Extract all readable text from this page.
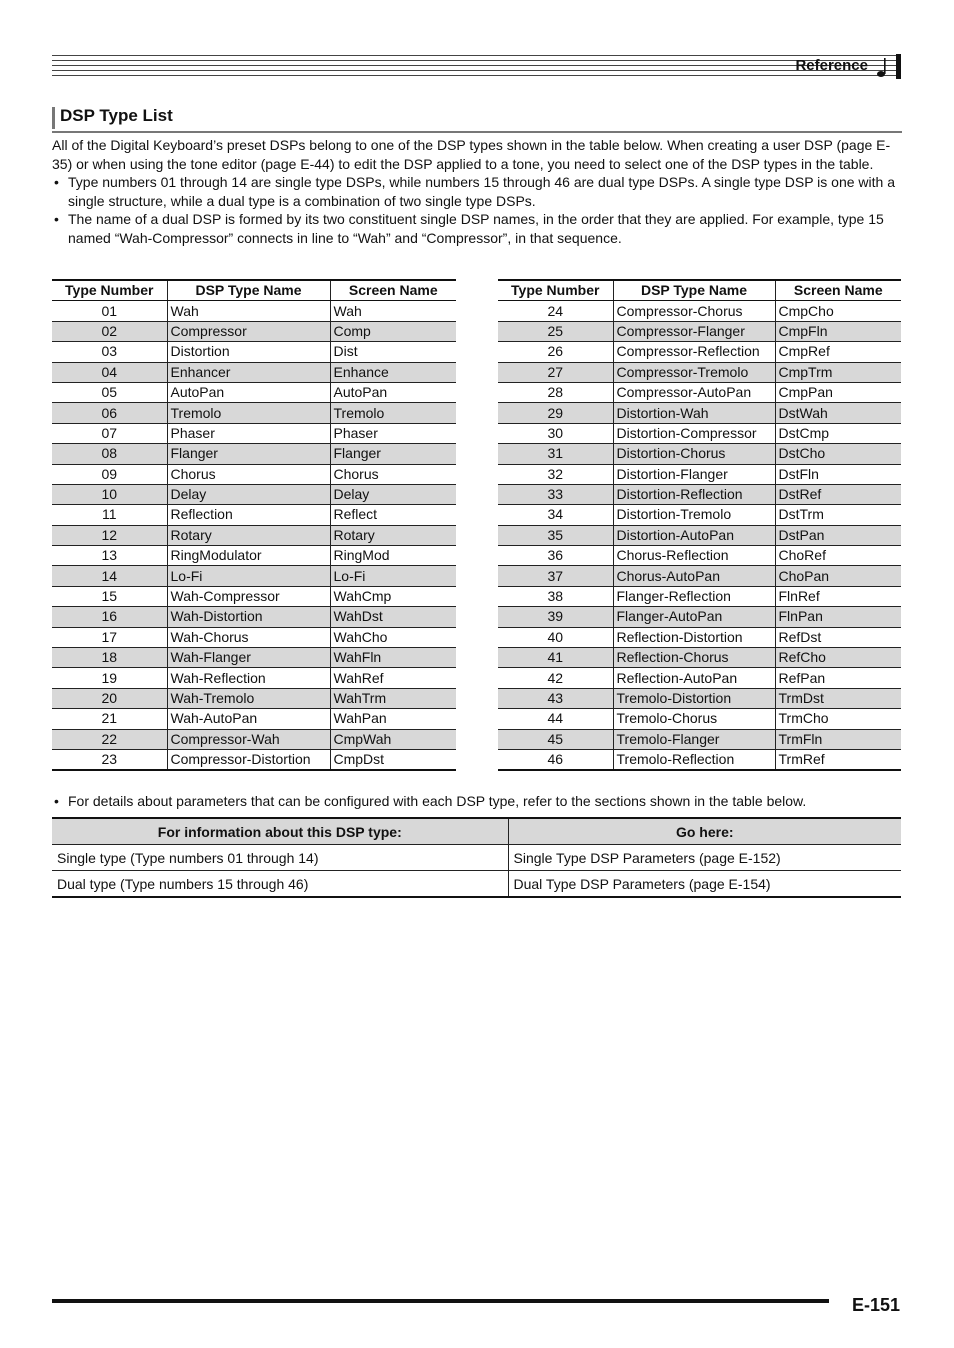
Reference
DSP Type List

All of the Digital Keyboard’s preset DSPs belong to one of the DSP types shown in the table below. When creating a user DSP (page E-35) or when using the tone editor (page E-44) to edit the DSP applied to a tone, you need to select one of the DSP types in the table.

• Type numbers 01 through 14 are single type DSPs, while numbers 15 through 46 are dual type DSPs. A single type DSP is one with a single structure, while a dual type is a combination of two single type DSPs.
• The name of a dual DSP is formed by its two constituent single DSP names, in the order that they are applied. For example, type 15 named “Wah-Compressor” connects in line to “Wah” and “Compressor”, in that sequence.
Type Number	DSP Type Name	Screen Name
01	Wah	Wah
02	Compressor	Comp
03	Distortion	Dist
04	Enhancer	Enhance
05	AutoPan	AutoPan
06	Tremolo	Tremolo
07	Phaser	Phaser
08	Flanger	Flanger
09	Chorus	Chorus
10	Delay	Delay
11	Reflection	Reflect
12	Rotary	Rotary
13	RingModulator	RingMod
14	Lo-Fi	Lo-Fi
15	Wah-Compressor	WahCmp
16	Wah-Distortion	WahDst
17	Wah-Chorus	WahCho
18	Wah-Flanger	WahFln
19	Wah-Reflection	WahRef
20	Wah-Tremolo	WahTrm
21	Wah-AutoPan	WahPan
22	Compressor-Wah	CmpWah
23	Compressor-Distortion	CmpDst
Type Number	DSP Type Name	Screen Name
24	Compressor-Chorus	CmpCho
25	Compressor-Flanger	CmpFln
26	Compressor-Reflection	CmpRef
27	Compressor-Tremolo	CmpTrm
28	Compressor-AutoPan	CmpPan
29	Distortion-Wah	DstWah
30	Distortion-Compressor	DstCmp
31	Distortion-Chorus	DstCho
32	Distortion-Flanger	DstFln
33	Distortion-Reflection	DstRef
34	Distortion-Tremolo	DstTrm
35	Distortion-AutoPan	DstPan
36	Chorus-Reflection	ChoRef
37	Chorus-AutoPan	ChoPan
38	Flanger-Reflection	FlnRef
39	Flanger-AutoPan	FlnPan
40	Reflection-Distortion	RefDst
41	Reflection-Chorus	RefCho
42	Reflection-AutoPan	RefPan
43	Tremolo-Distortion	TrmDst
44	Tremolo-Chorus	TrmCho
45	Tremolo-Flanger	TrmFln
46	Tremolo-Reflection	TrmRef
• For details about parameters that can be configured with each DSP type, refer to the sections shown in the table below.
For information about this DSP type:	Go here:
Single type (Type numbers 01 through 14)	Single Type DSP Parameters (page E-152)
Dual type (Type numbers 15 through 46)	Dual Type DSP Parameters (page E-154)
E-151
